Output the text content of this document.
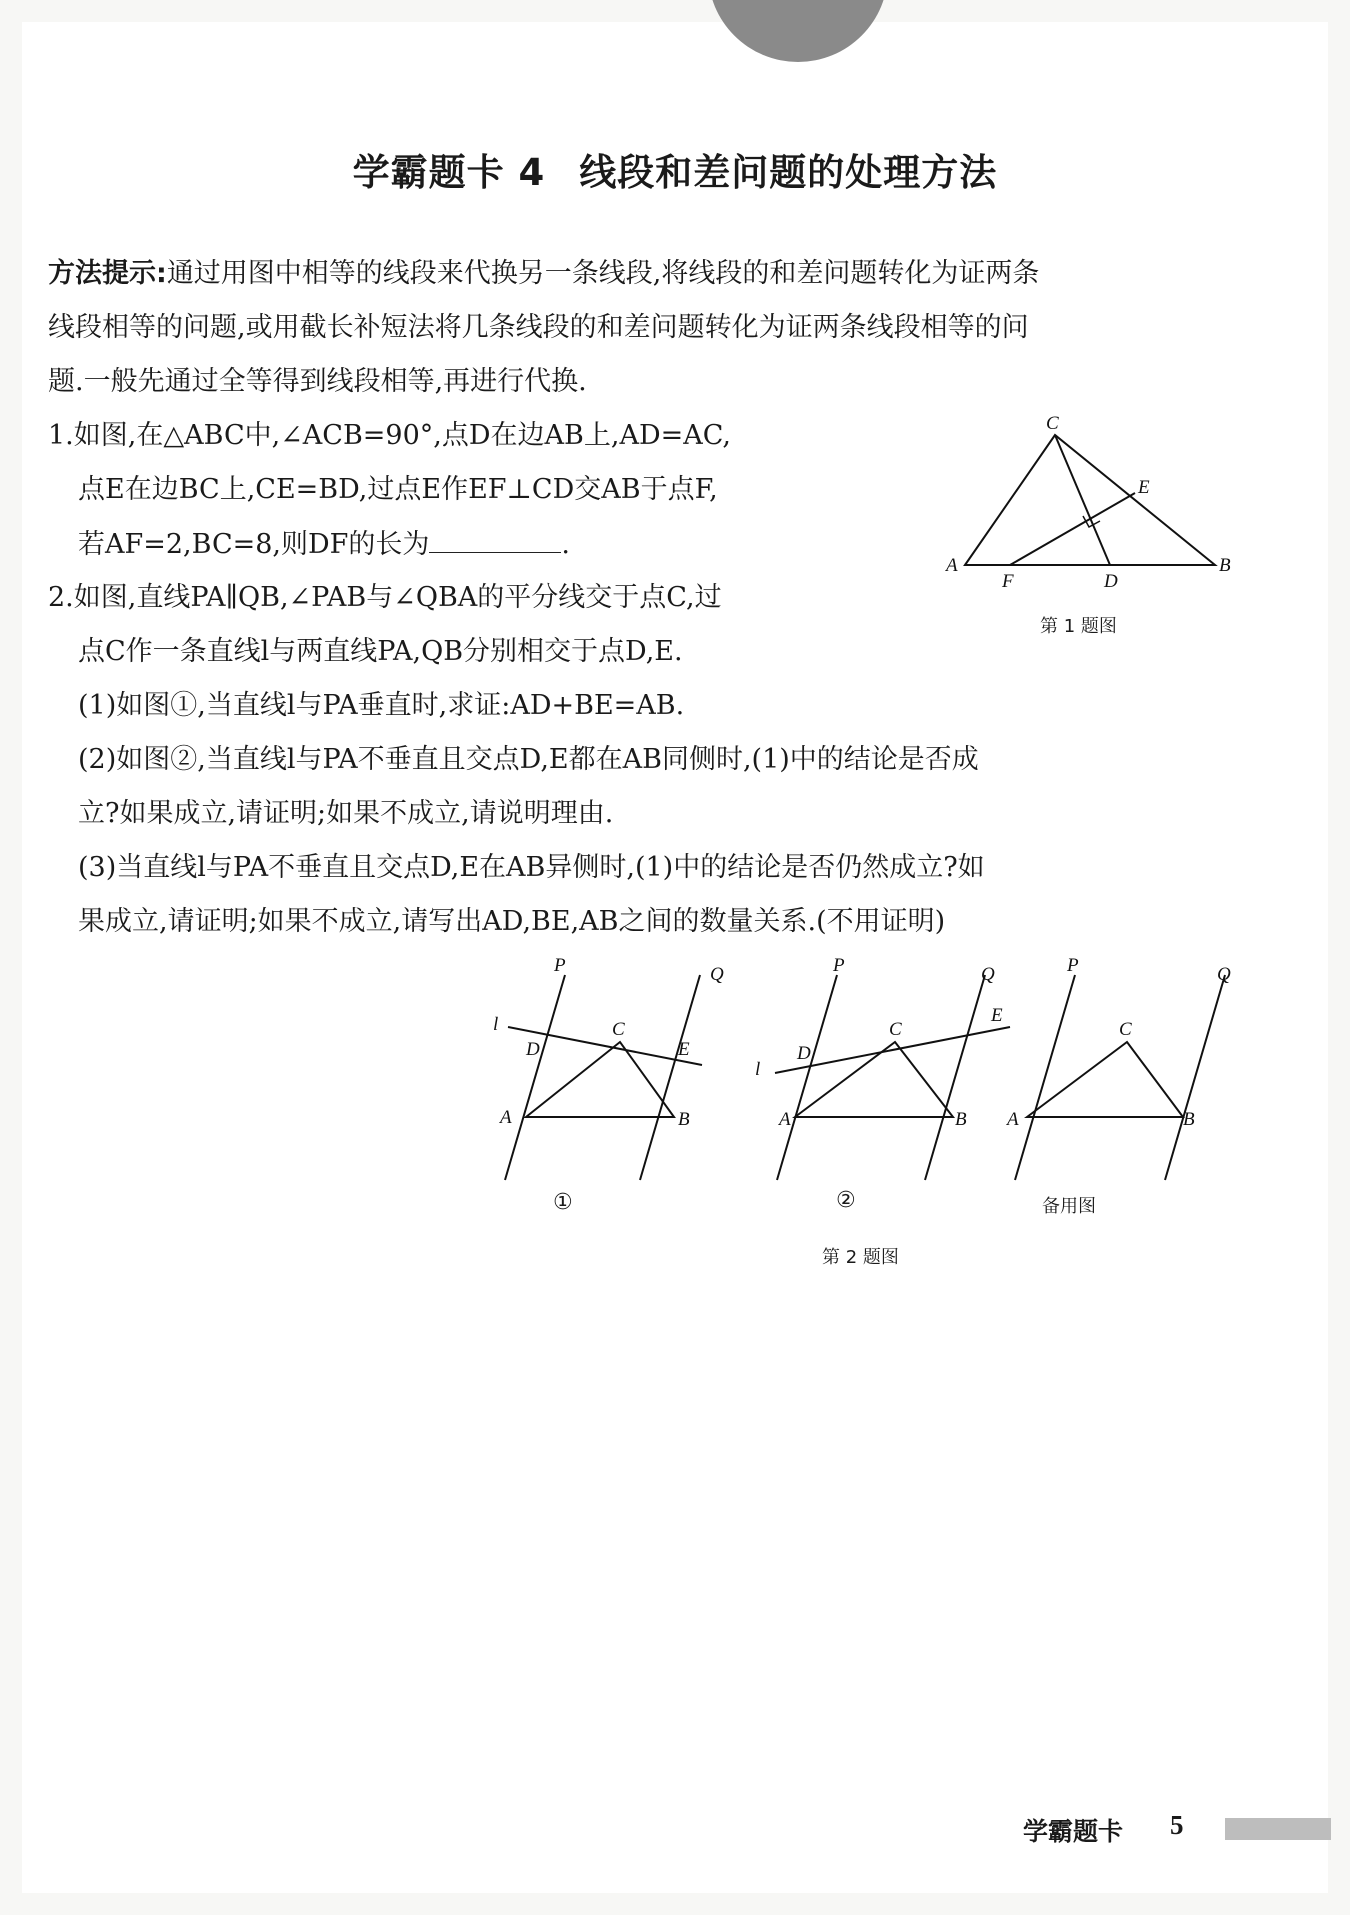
学霸题卡 4 线段和差问题的处理方法
方法提示:通过用图中相等的线段来代换另一条线段,将线段的和差问题转化为证两条
线段相等的问题,或用截长补短法将几条线段的和差问题转化为证两条线段相等的问
题.一般先通过全等得到线段相等,再进行代换.
1.如图,在△ABC中,∠ACB=90°,点D在边AB上,AD=AC,
点E在边BC上,CE=BD,过点E作EF⊥CD交AB于点F,
若AF=2,BC=8,则DF的长为	.
2.如图,直线PA∥QB,∠PAB与∠QBA的平分线交于点C,过
点C作一条直线l与两直线PA,QB分别相交于点D,E.
(1)如图①,当直线l与PA垂直时,求证:AD+BE=AB.
(2)如图②,当直线l与PA不垂直且交点D,E都在AB同侧时,(1)中的结论是否成
立?如果成立,请证明;如果不成立,请说明理由.
(3)当直线l与PA不垂直且交点D,E在AB异侧时,(1)中的结论是否仍然成立?如
果成立,请证明;如果不成立,请写出AD,BE,AB之间的数量关系.(不用证明)
A	B
C
D
E
F
第 1 题图
P	Q
l
D
C
E
A	B
P	Q
l
D
C
E
A	B
P	Q
C
A	B
①	②	备用图
第 2 题图
学霸题卡 5
